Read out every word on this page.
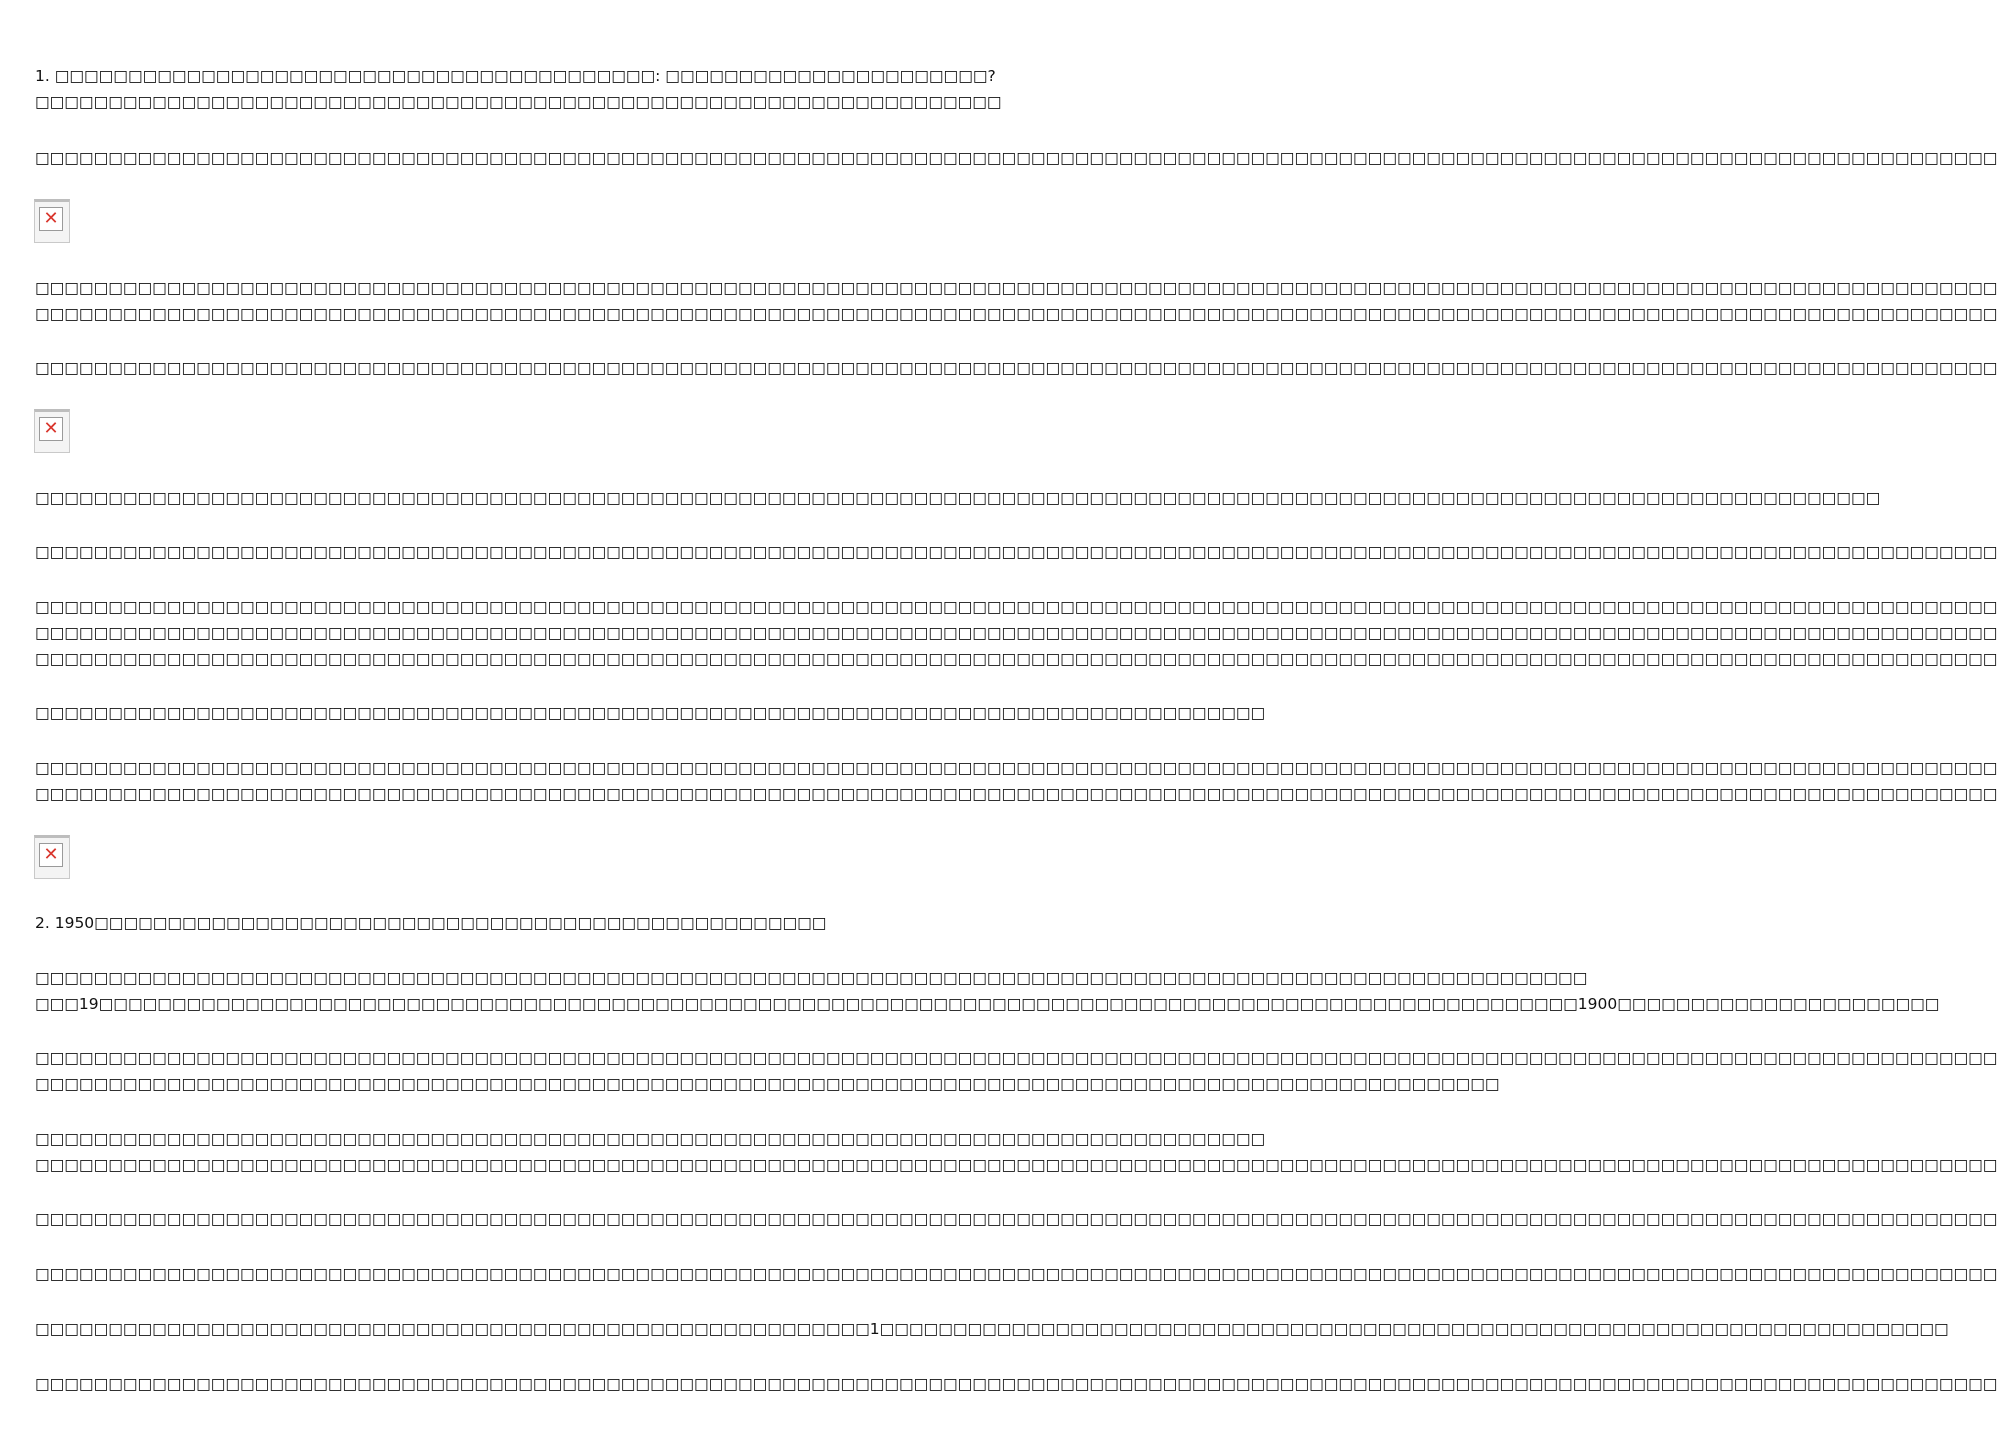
1. □□□□□□□□□□□□□□□□□□□□□□□□□□□□□□□□□□□□□□□□□: □□□□□□□□□□□□□□□□□□□□□□?
□□□□□□□□□□□□□□□□□□□□□□□□□□□□□□□□□□□□□□□□□□□□□□□□□□□□□□□□□□□□□□□□□□
□□□□□□□□□□□□□□□□□□□□□□□□□□□□□□□□□□□□□□□□□□□□□□□□□□□□□□□□□□□□□□□□□□□□□□□□□□□□□□□□□□□□□□□□□□□□□□□□□□□□□□□□□□□□□□□□□□□□□□□□□□□□□□□□□□□□□□
✕
□□□□□□□□□□□□□□□□□□□□□□□□□□□□□□□□□□□□□□□□□□□□□□□□□□□□□□□□□□□□□□□□□□□□□□□□□□□□□□□□□□□□□□□□□□□□□□□□□□□□□□□□□□□□□□□□□□□□□□□□□□□□□□□□□□□□□□
□□□□□□□□□□□□□□□□□□□□□□□□□□□□□□□□□□□□□□□□□□□□□□□□□□□□□□□□□□□□□□□□□□□□□□□□□□□□□□□□□□□□□□□□□□□□□□□□□□□□□□□□□□□□□□□□□□□□□□□□□□□□□□□□□□□□□□
□□□□□□□□□□□□□□□□□□□□□□□□□□□□□□□□□□□□□□□□□□□□□□□□□□□□□□□□□□□□□□□□□□□□□□□□□□□□□□□□□□□□□□□□□□□□□□□□□□□□□□□□□□□□□□□□□□□□□□□□□□□□□□□□□□□□□□
✕
□□□□□□□□□□□□□□□□□□□□□□□□□□□□□□□□□□□□□□□□□□□□□□□□□□□□□□□□□□□□□□□□□□□□□□□□□□□□□□□□□□□□□□□□□□□□□□□□□□□□□□□□□□□□□□□□□□□□□□□□□□□□□□
□□□□□□□□□□□□□□□□□□□□□□□□□□□□□□□□□□□□□□□□□□□□□□□□□□□□□□□□□□□□□□□□□□□□□□□□□□□□□□□□□□□□□□□□□□□□□□□□□□□□□□□□□□□□□□□□□□□□□□□□□□□□□□□□□□□□□□
□□□□□□□□□□□□□□□□□□□□□□□□□□□□□□□□□□□□□□□□□□□□□□□□□□□□□□□□□□□□□□□□□□□□□□□□□□□□□□□□□□□□□□□□□□□□□□□□□□□□□□□□□□□□□□□□□□□□□□□□□□□□□□□□□□□□□□
□□□□□□□□□□□□□□□□□□□□□□□□□□□□□□□□□□□□□□□□□□□□□□□□□□□□□□□□□□□□□□□□□□□□□□□□□□□□□□□□□□□□□□□□□□□□□□□□□□□□□□□□□□□□□□□□□□□□□□□□□□□□□□□□□□□□□□
□□□□□□□□□□□□□□□□□□□□□□□□□□□□□□□□□□□□□□□□□□□□□□□□□□□□□□□□□□□□□□□□□□□□□□□□□□□□□□□□□□□□□□□□□□□□□□□□□□□□□□□□□□□□□□□□□□□□□□□□□□□□□□□□□□□□□□
□□□□□□□□□□□□□□□□□□□□□□□□□□□□□□□□□□□□□□□□□□□□□□□□□□□□□□□□□□□□□□□□□□□□□□□□□□□□□□□□□□□□
□□□□□□□□□□□□□□□□□□□□□□□□□□□□□□□□□□□□□□□□□□□□□□□□□□□□□□□□□□□□□□□□□□□□□□□□□□□□□□□□□□□□□□□□□□□□□□□□□□□□□□□□□□□□□□□□□□□□□□□□□□□□□□□□□□□□□□
□□□□□□□□□□□□□□□□□□□□□□□□□□□□□□□□□□□□□□□□□□□□□□□□□□□□□□□□□□□□□□□□□□□□□□□□□□□□□□□□□□□□□□□□□□□□□□□□□□□□□□□□□□□□□□□□□□□□□□□□□□□□□□□□□□□□□□
✕
2. 1950□□□□□□□□□□□□□□□□□□□□□□□□□□□□□□□□□□□□□□□□□□□□□□□□□□
□□□□□□□□□□□□□□□□□□□□□□□□□□□□□□□□□□□□□□□□□□□□□□□□□□□□□□□□□□□□□□□□□□□□□□□□□□□□□□□□□□□□□□□□□□□□□□□□□□□□□□□□□□
□□□19□□□□□□□□□□□□□□□□□□□□□□□□□□□□□□□□□□□□□□□□□□□□□□□□□□□□□□□□□□□□□□□□□□□□□□□□□□□□□□□□□□□□□□□□□□□□□□□□□□□□□1900□□□□□□□□□□□□□□□□□□□□□□
□□□□□□□□□□□□□□□□□□□□□□□□□□□□□□□□□□□□□□□□□□□□□□□□□□□□□□□□□□□□□□□□□□□□□□□□□□□□□□□□□□□□□□□□□□□□□□□□□□□□□□□□□□□□□□□□□□□□□□□□□□□□□□□□□□□□□□
□□□□□□□□□□□□□□□□□□□□□□□□□□□□□□□□□□□□□□□□□□□□□□□□□□□□□□□□□□□□□□□□□□□□□□□□□□□□□□□□□□□□□□□□□□□□□□□□□□□□
□□□□□□□□□□□□□□□□□□□□□□□□□□□□□□□□□□□□□□□□□□□□□□□□□□□□□□□□□□□□□□□□□□□□□□□□□□□□□□□□□□□□
□□□□□□□□□□□□□□□□□□□□□□□□□□□□□□□□□□□□□□□□□□□□□□□□□□□□□□□□□□□□□□□□□□□□□□□□□□□□□□□□□□□□□□□□□□□□□□□□□□□□□□□□□□□□□□□□□□□□□□□□□□□□□□□□□□□□□□
□□□□□□□□□□□□□□□□□□□□□□□□□□□□□□□□□□□□□□□□□□□□□□□□□□□□□□□□□□□□□□□□□□□□□□□□□□□□□□□□□□□□□□□□□□□□□□□□□□□□□□□□□□□□□□□□□□□□□□□□□□□□□□□□□□□□□□
□□□□□□□□□□□□□□□□□□□□□□□□□□□□□□□□□□□□□□□□□□□□□□□□□□□□□□□□□□□□□□□□□□□□□□□□□□□□□□□□□□□□□□□□□□□□□□□□□□□□□□□□□□□□□□□□□□□□□□□□□□□□□□□□□□□□□□
□□□□□□□□□□□□□□□□□□□□□□□□□□□□□□□□□□□□□□□□□□□□□□□□□□□□□□□□□1□□□□□□□□□□□□□□□□□□□□□□□□□□□□□□□□□□□□□□□□□□□□□□□□□□□□□□□□□□□□□□□□□□□□□□□□□
□□□□□□□□□□□□□□□□□□□□□□□□□□□□□□□□□□□□□□□□□□□□□□□□□□□□□□□□□□□□□□□□□□□□□□□□□□□□□□□□□□□□□□□□□□□□□□□□□□□□□□□□□□□□□□□□□□□□□□□□□□□□□□□□□□□□□□
